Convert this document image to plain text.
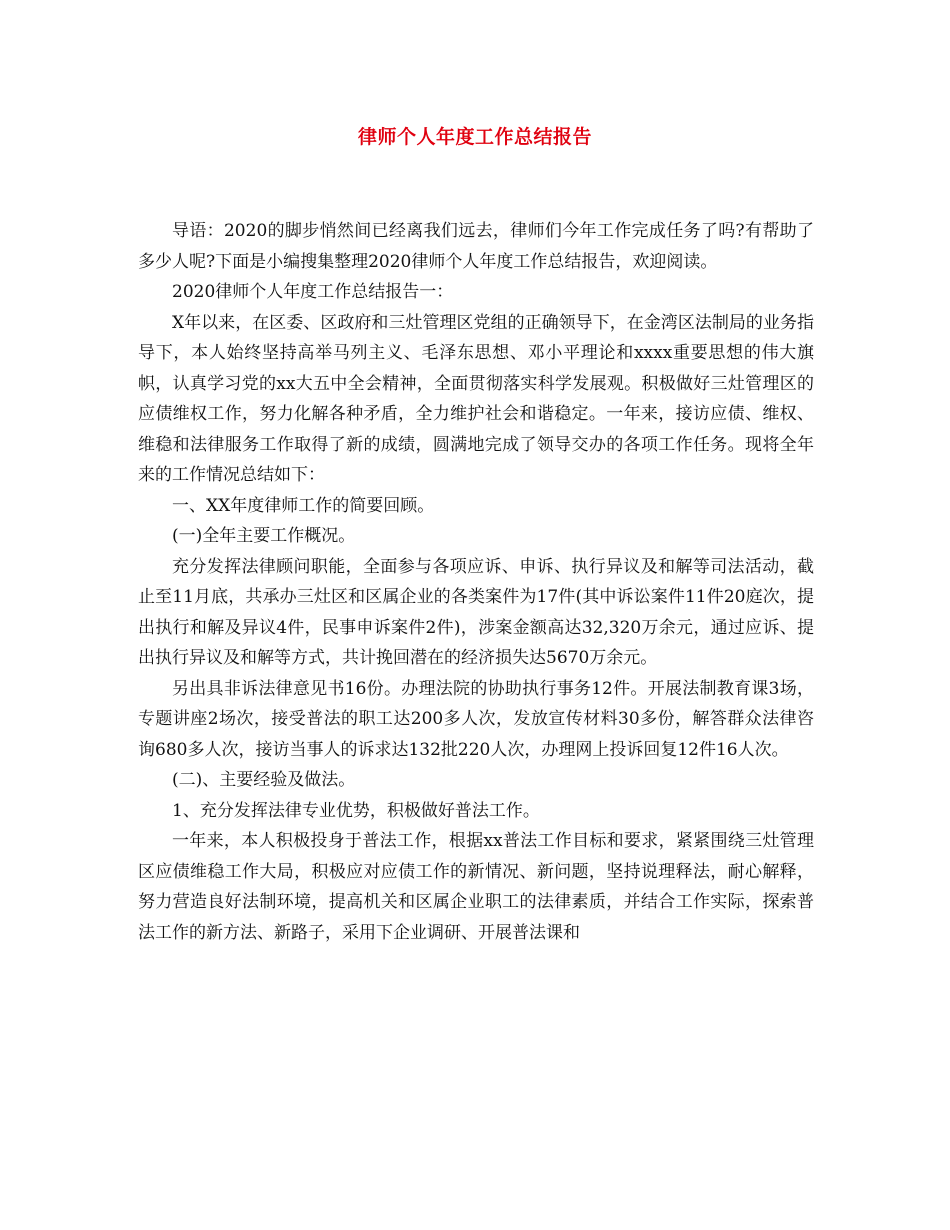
律师个人年度工作总结报告

导语：2020的脚步悄然间已经离我们远去，律师们今年工作完成任务了吗?有帮助了多少人呢?下面是小编搜集整理2020律师个人年度工作总结报告，欢迎阅读。

2020律师个人年度工作总结报告一：

X年以来，在区委、区政府和三灶管理区党组的正确领导下，在金湾区法制局的业务指导下，本人始终坚持高举马列主义、毛泽东思想、邓小平理论和xxxx重要思想的伟大旗帜，认真学习党的xx大五中全会精神，全面贯彻落实科学发展观。积极做好三灶管理区的应债维权工作，努力化解各种矛盾，全力维护社会和谐稳定。一年来，接访应债、维权、维稳和法律服务工作取得了新的成绩，圆满地完成了领导交办的各项工作任务。现将全年来的工作情况总结如下：

一、XX年度律师工作的简要回顾。

(一)全年主要工作概况。

充分发挥法律顾问职能，全面参与各项应诉、申诉、执行异议及和解等司法活动，截止至11月底，共承办三灶区和区属企业的各类案件为17件(其中诉讼案件11件20庭次，提出执行和解及异议4件，民事申诉案件2件)，涉案金额高达32,320万余元，通过应诉、提出执行异议及和解等方式，共计挽回潜在的经济损失达5670万余元。

另出具非诉法律意见书16份。办理法院的协助执行事务12件。开展法制教育课3场，专题讲座2场次，接受普法的职工达200多人次，发放宣传材料30多份，解答群众法律咨询680多人次，接访当事人的诉求达132批220人次，办理网上投诉回复12件16人次。

(二)、主要经验及做法。

1、充分发挥法律专业优势，积极做好普法工作。

一年来，本人积极投身于普法工作，根据xx普法工作目标和要求，紧紧围绕三灶管理区应债维稳工作大局，积极应对应债工作的新情况、新问题，坚持说理释法，耐心解释，努力营造良好法制环境，提高机关和区属企业职工的法律素质，并结合工作实际，探索普法工作的新方法、新路子，采用下企业调研、开展普法课和
